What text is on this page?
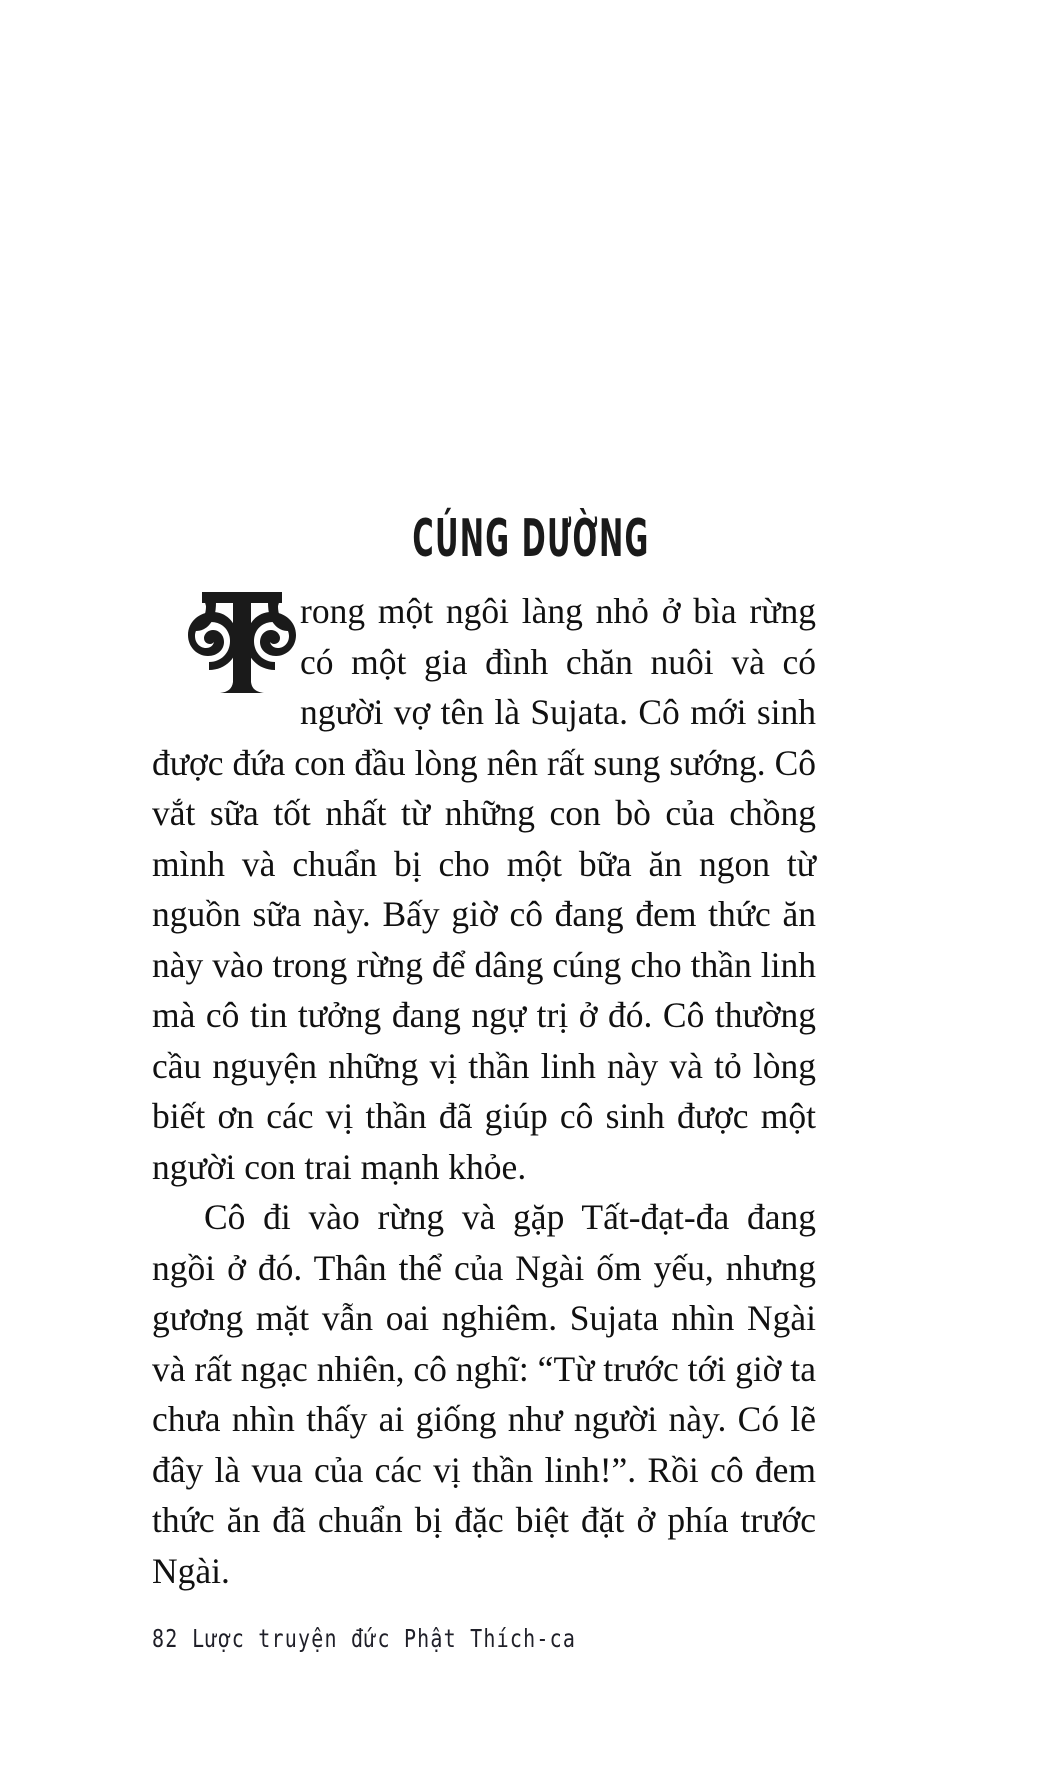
CÚNG DƯỜNG

rong một ngôi làng nhỏ ở bìa rừng có một gia đình chăn nuôi và có người vợ tên là Sujata. Cô mới sinh được đứa con đầu lòng nên rất sung sướng. Cô vắt sữa tốt nhất từ những con bò của chồng mình và chuẩn bị cho một bữa ăn ngon từ nguồn sữa này. Bấy giờ cô đang đem thức ăn này vào trong rừng để dâng cúng cho thần linh mà cô tin tưởng đang ngự trị ở đó. Cô thường cầu nguyện những vị thần linh này và tỏ lòng biết ơn các vị thần đã giúp cô sinh được một người con trai mạnh khỏe.

Cô đi vào rừng và gặp Tất-đạt-đa đang ngồi ở đó. Thân thể của Ngài ốm yếu, nhưng gương mặt vẫn oai nghiêm. Sujata nhìn Ngài và rất ngạc nhiên, cô nghĩ: “Từ trước tới giờ ta chưa nhìn thấy ai giống như người này. Có lẽ đây là vua của các vị thần linh!”. Rồi cô đem thức ăn đã chuẩn bị đặc biệt đặt ở phía trước Ngài.

82 Lược truyện đức Phật Thích-ca
